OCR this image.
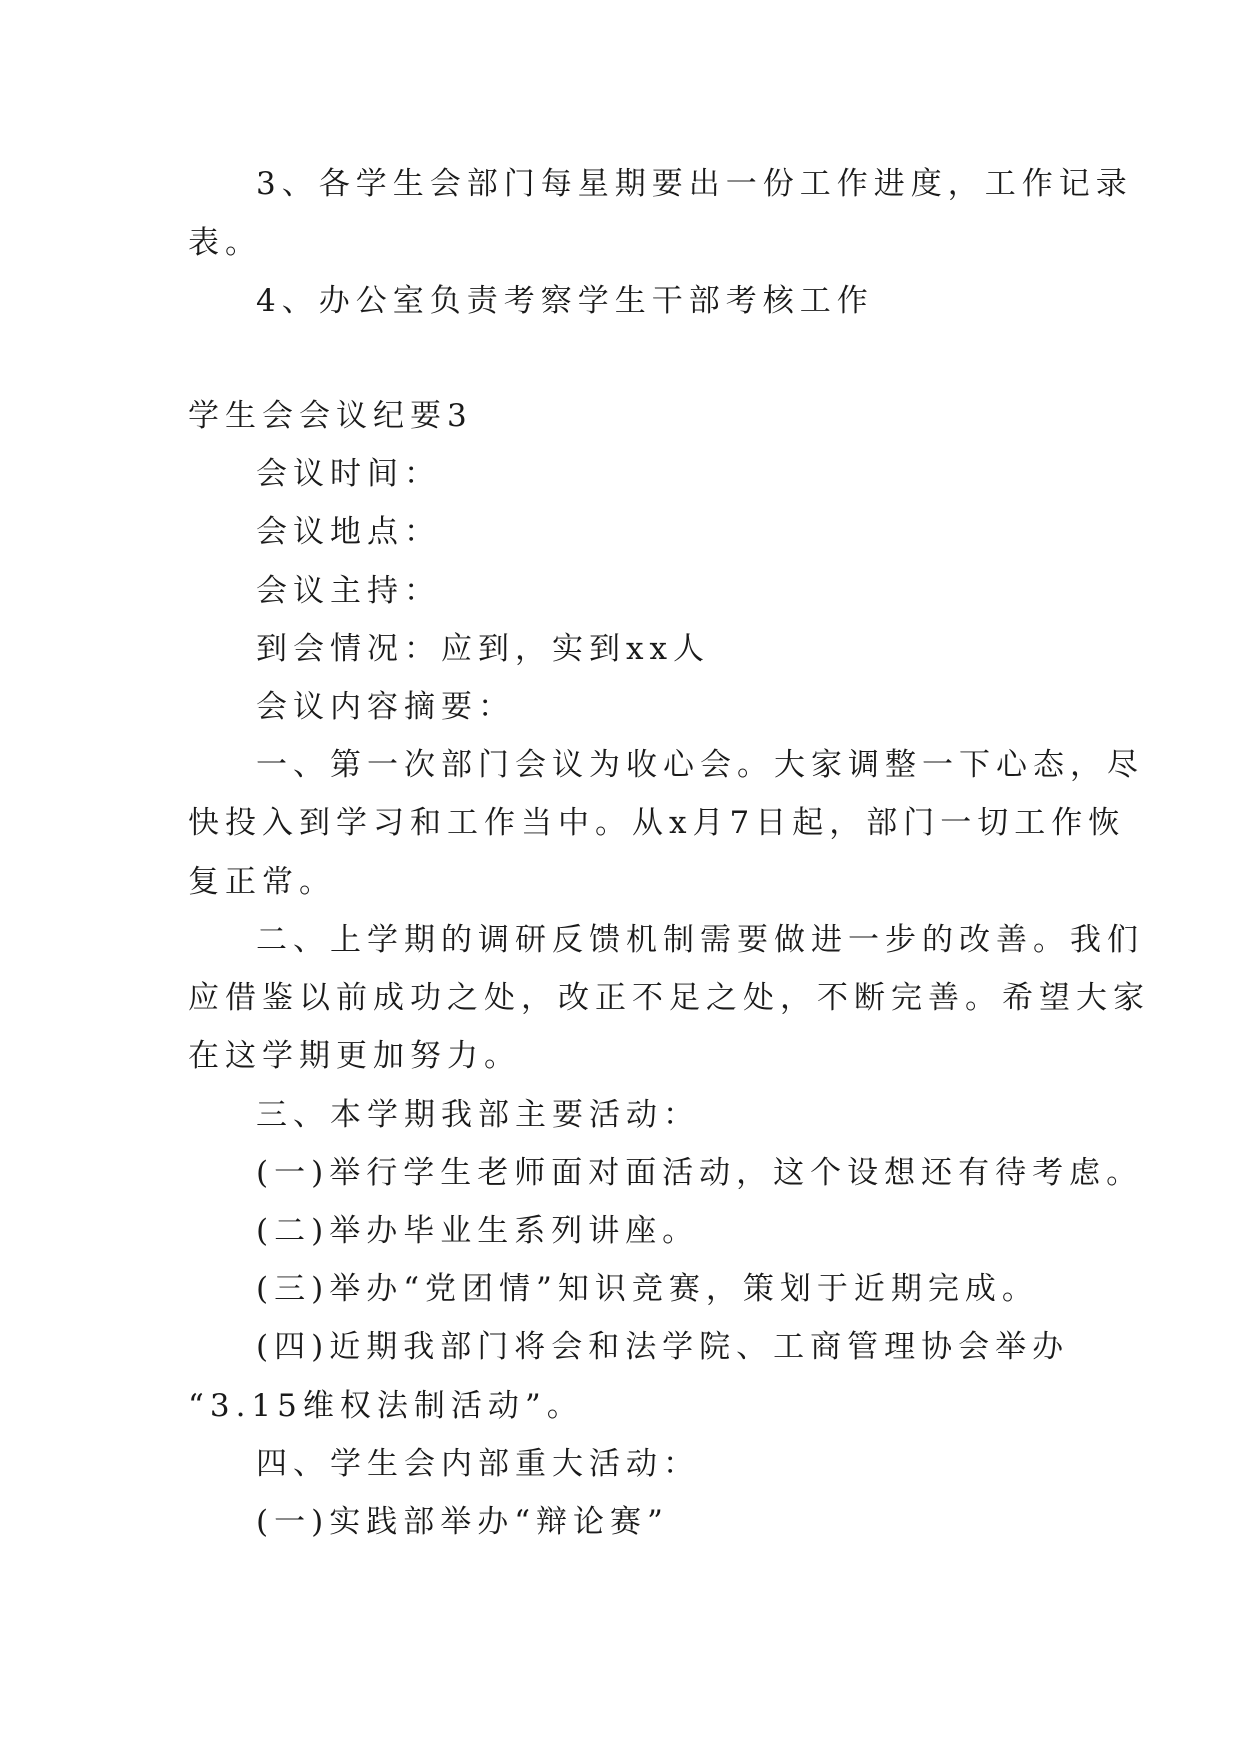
3、各学生会部门每星期要出一份工作进度，工作记录
表。
4、办公室负责考察学生干部考核工作
学生会会议纪要3
会议时间：
会议地点：
会议主持：
到会情况：应到，实到xx人
会议内容摘要：
一、第一次部门会议为收心会。大家调整一下心态，尽
快投入到学习和工作当中。从x月7日起，部门一切工作恢
复正常。
二、上学期的调研反馈机制需要做进一步的改善。我们
应借鉴以前成功之处，改正不足之处，不断完善。希望大家
在这学期更加努力。
三、本学期我部主要活动：
(一)举行学生老师面对面活动，这个设想还有待考虑。
(二)举办毕业生系列讲座。
(三)举办“党团情”知识竞赛，策划于近期完成。
(四)近期我部门将会和法学院、工商管理协会举办
“3.15维权法制活动”。
四、学生会内部重大活动：
(一)实践部举办“辩论赛”
